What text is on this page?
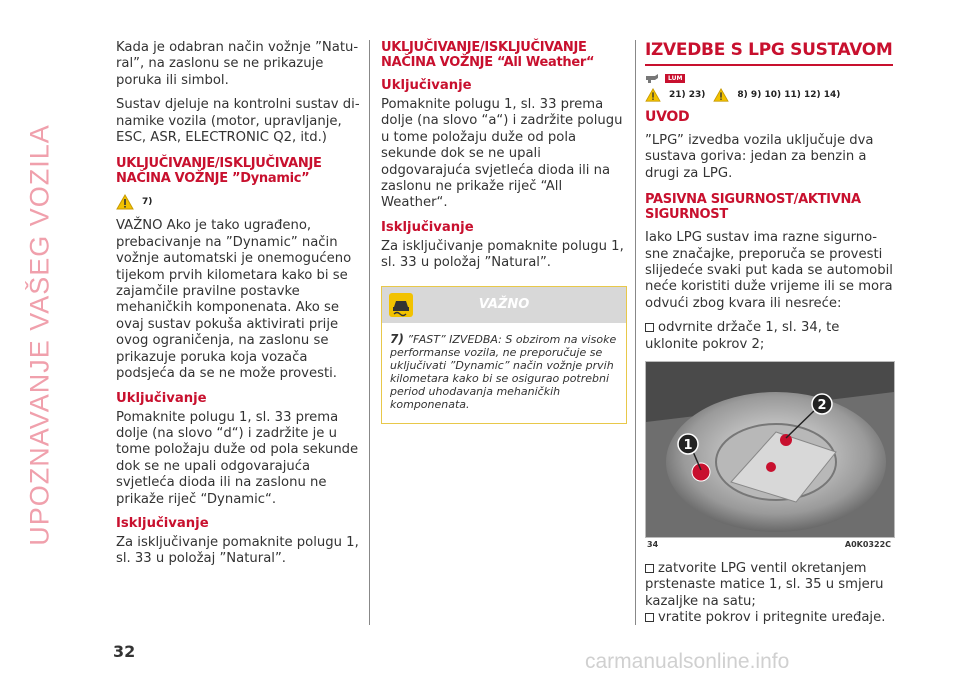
UPOZNAVANJE VAŠEG VOZILA

Kada je odabran način vožnje ”Natural”, na zaslonu se ne prikazuje poruka ili simbol.

Sustav djeluje na kontrolni sustav dinamike vozila (motor, upravljanje, ESC, ASR, ELECTRONIC Q2, itd.)

UKLJUČIVANJE/ISKLJUČIVANJE NAČINA VOŽNJE ”Dynamic”
7)

VAŽNO Ako je tako ugrađeno, prebacivanje na ”Dynamic” način vožnje automatski je onemogućeno tijekom prvih kilometara kako bi se zajamčile pravilne postavke mehaničkih komponenata. Ako se ovaj sustav pokuša aktivirati prije ovog ograničenja, na zaslonu se prikazuje poruka koja vozača podsjeća da se ne može provesti.

Uključivanje

Pomaknite polugu 1, sl. 33 prema dolje (na slovo “d“) i zadržite je u tome položaju duže od pola sekunde dok se ne upali odgovarajuća svjetleća dioda ili na zaslonu ne prikaže riječ “Dynamic“.

Isključivanje

Za isključivanje pomaknite polugu 1, sl. 33 u položaj ”Natural”.

UKLJUČIVANJE/ISKLJUČIVANJE NAČINA VOŽNJE “All Weather“
Uključivanje

Pomaknite polugu 1, sl. 33 prema dolje (na slovo “a“) i zadržite polugu u tome položaju duže od pola sekunde dok se ne upali odgovarajuća svjetleća dioda ili na zaslonu ne prikaže riječ “All Weather“.

Isključivanje

Za isključivanje pomaknite polugu 1, sl. 33 u položaj ”Natural”.

VAŽNO
7) ”FAST” IZVEDBA: S obzirom na visoke performanse vozila, ne preporučuje se uključivati ”Dynamic” način vožnje prvih kilometara kako bi se osigurao potrebni period uhodavanja mehaničkih komponenata.
IZVEDBE S LPG SUSTAVOM
LUM
21) 23)	8) 9) 10) 11) 12) 14)
UVOD

”LPG” izvedba vozila uključuje dva sustava goriva: jedan za benzin a drugi za LPG.

PASIVNA SIGURNOST/AKTIVNA SIGURNOST

Iako LPG sustav ima razne sigurnosne značajke, preporuča se provesti slijedeće svaki put kada se automobil neće koristiti duže vrijeme ili se mora odvući zbog kvara ili nesreće:

odvrnite držače 1, sl. 34, te uklonite pokrov 2;

1
2
34	A0K0322C

zatvorite LPG ventil okretanjem prstenaste matice 1, sl. 35 u smjeru kazaljke na satu;

vratite pokrov i pritegnite uređaje.

32	carmanualsonline.info
